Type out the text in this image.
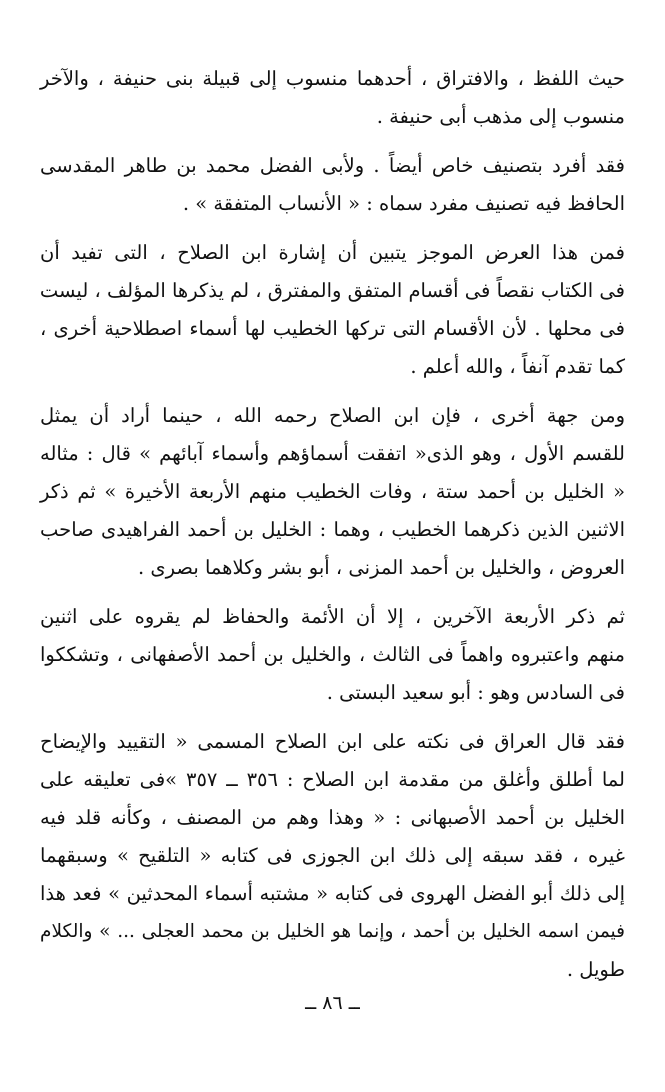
حيث اللفظ ، والافتراق ، أحدهما منسوب إلى قبيلة بنى حنيفة ، والآخر
منسوب إلى مذهب أبى حنيفة .
فقد أفرد بتصنيف خاص أيضاً . ولأبى الفضل محمد بن طاهر المقدسى
الحافظ فيه تصنيف مفرد سماه : « الأنساب المتفقة » .
فمن هذا العرض الموجز يتبين أن إشارة ابن الصلاح ، التى تفيد أن
فى الكتاب نقصاً فى أقسام المتفق والمفترق ، لم يذكرها المؤلف ، ليست
فى محلها . لأن الأقسام التى تركها الخطيب لها أسماء اصطلاحية أخرى ،
كما تقدم آنفاً ، والله أعلم .
ومن جهة أخرى ، فإن ابن الصلاح رحمه الله ، حينما أراد أن يمثل
للقسم الأول ، وهو الذى« اتفقت أسماؤهم وأسماء آبائهم » قال : مثاله
« الخليل بن أحمد ستة ، وفات الخطيب منهم الأربعة الأخيرة » ثم ذكر
الاثنين الذين ذكرهما الخطيب ، وهما : الخليل بن أحمد الفراهيدى صاحب
العروض ، والخليل بن أحمد المزنى ، أبو بشر وكلاهما بصرى .
ثم ذكر الأربعة الآخرين ، إلا أن الأئمة والحفاظ لم يقروه على اثنين
منهم واعتبروه واهماً فى الثالث ، والخليل بن أحمد الأصفهانى ، وتشككوا
فى السادس وهو : أبو سعيد البستى .
فقد قال العراق فى نكته على ابن الصلاح المسمى « التقييد والإيضاح
لما أطلق وأغلق من مقدمة ابن الصلاح : ٣٥٦ ــ ٣٥٧ »فى تعليقه على
الخليل بن أحمد الأصبهانى : « وهذا وهم من المصنف ، وكأنه قلد فيه
غيره ، فقد سبقه إلى ذلك ابن الجوزى فى كتابه « التلقيح » وسبقهما
إلى ذلك أبو الفضل الهروى فى كتابه « مشتبه أسماء المحدثين » فعد هذا
فيمن اسمه الخليل بن أحمد ، وإنما هو الخليل بن محمد العجلى ... » والكلام
طويل .
ــ ٨٦ ــ
